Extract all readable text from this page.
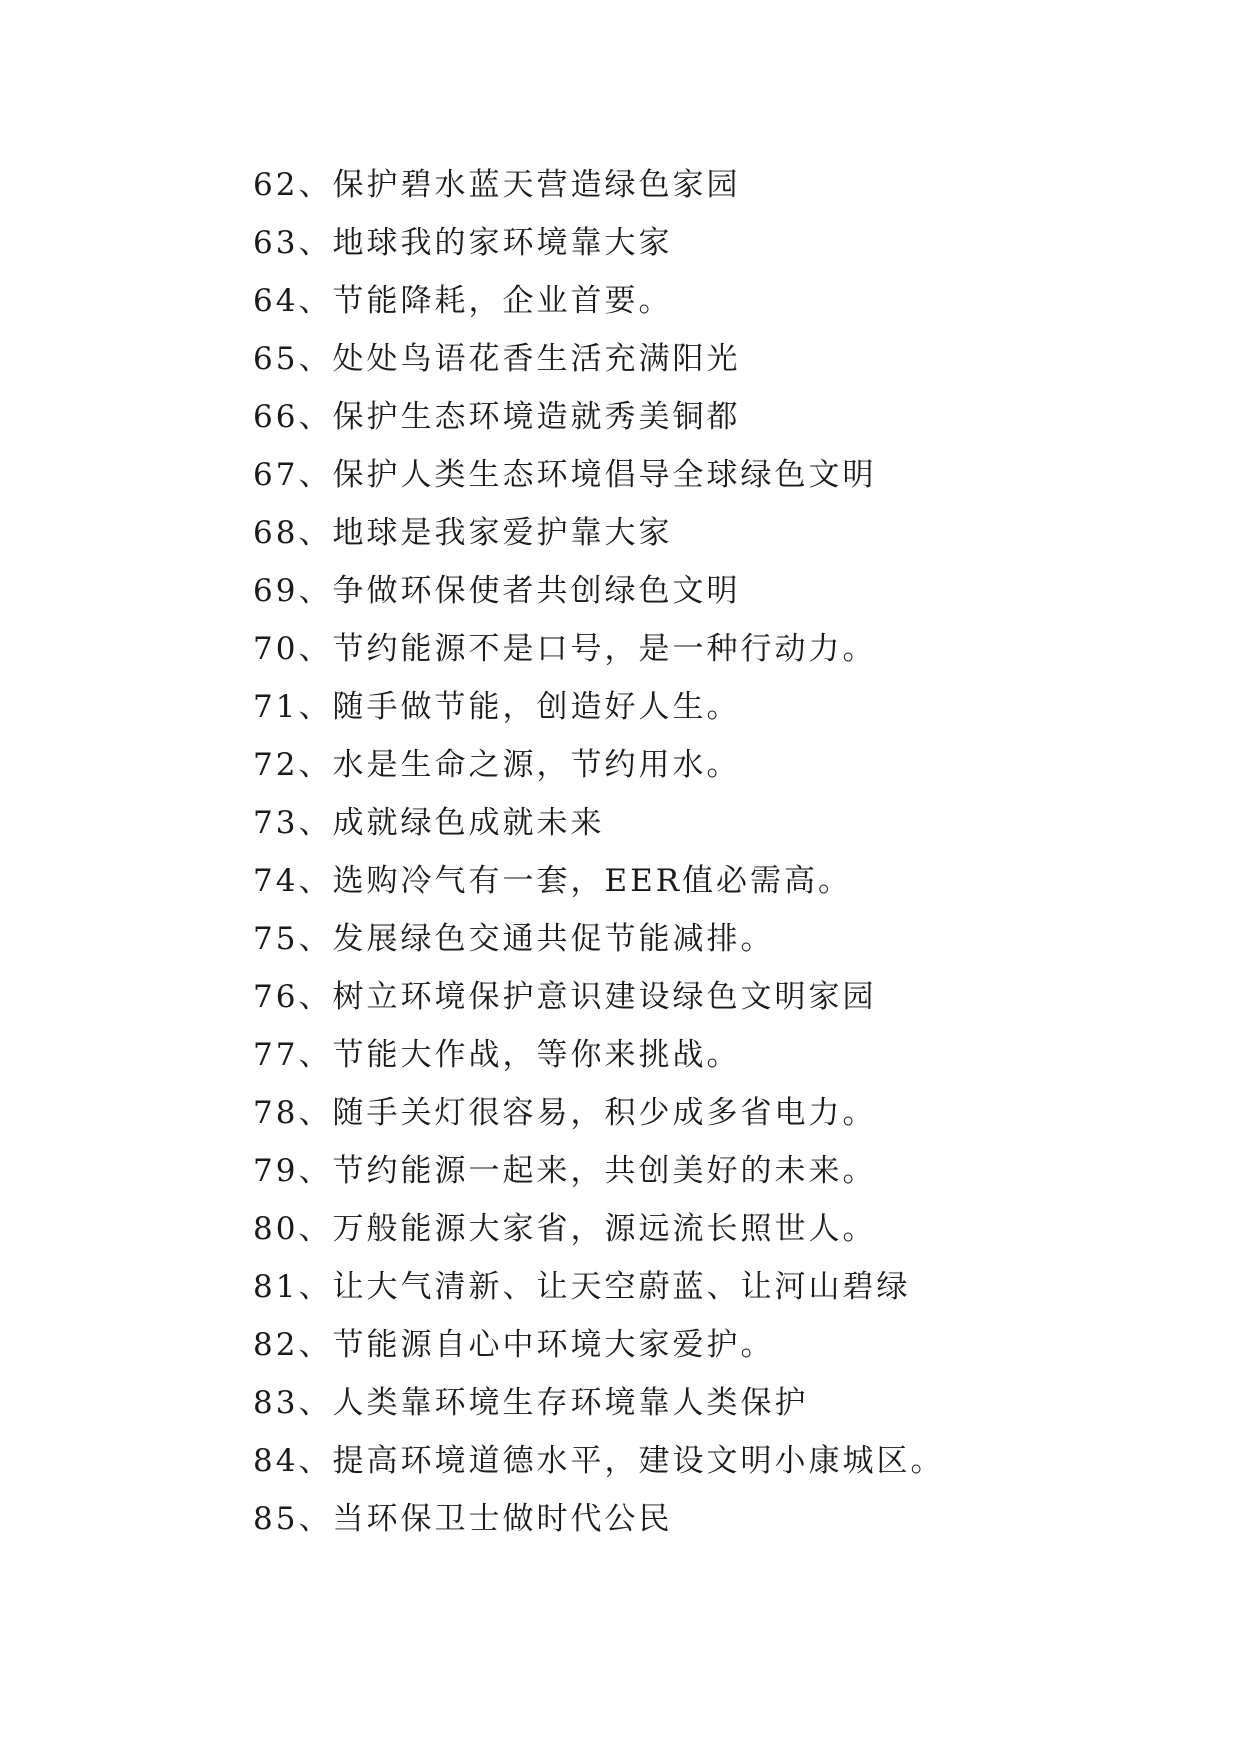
62、保护碧水蓝天营造绿色家园
63、地球我的家环境靠大家
64、节能降耗，企业首要。
65、处处鸟语花香生活充满阳光
66、保护生态环境造就秀美铜都
67、保护人类生态环境倡导全球绿色文明
68、地球是我家爱护靠大家
69、争做环保使者共创绿色文明
70、节约能源不是口号，是一种行动力。
71、随手做节能，创造好人生。
72、水是生命之源，节约用水。
73、成就绿色成就未来
74、选购冷气有一套，EER值必需高。
75、发展绿色交通共促节能减排。
76、树立环境保护意识建设绿色文明家园
77、节能大作战，等你来挑战。
78、随手关灯很容易，积少成多省电力。
79、节约能源一起来，共创美好的未来。
80、万般能源大家省，源远流长照世人。
81、让大气清新、让天空蔚蓝、让河山碧绿
82、节能源自心中环境大家爱护。
83、人类靠环境生存环境靠人类保护
84、提高环境道德水平，建设文明小康城区。
85、当环保卫士做时代公民
